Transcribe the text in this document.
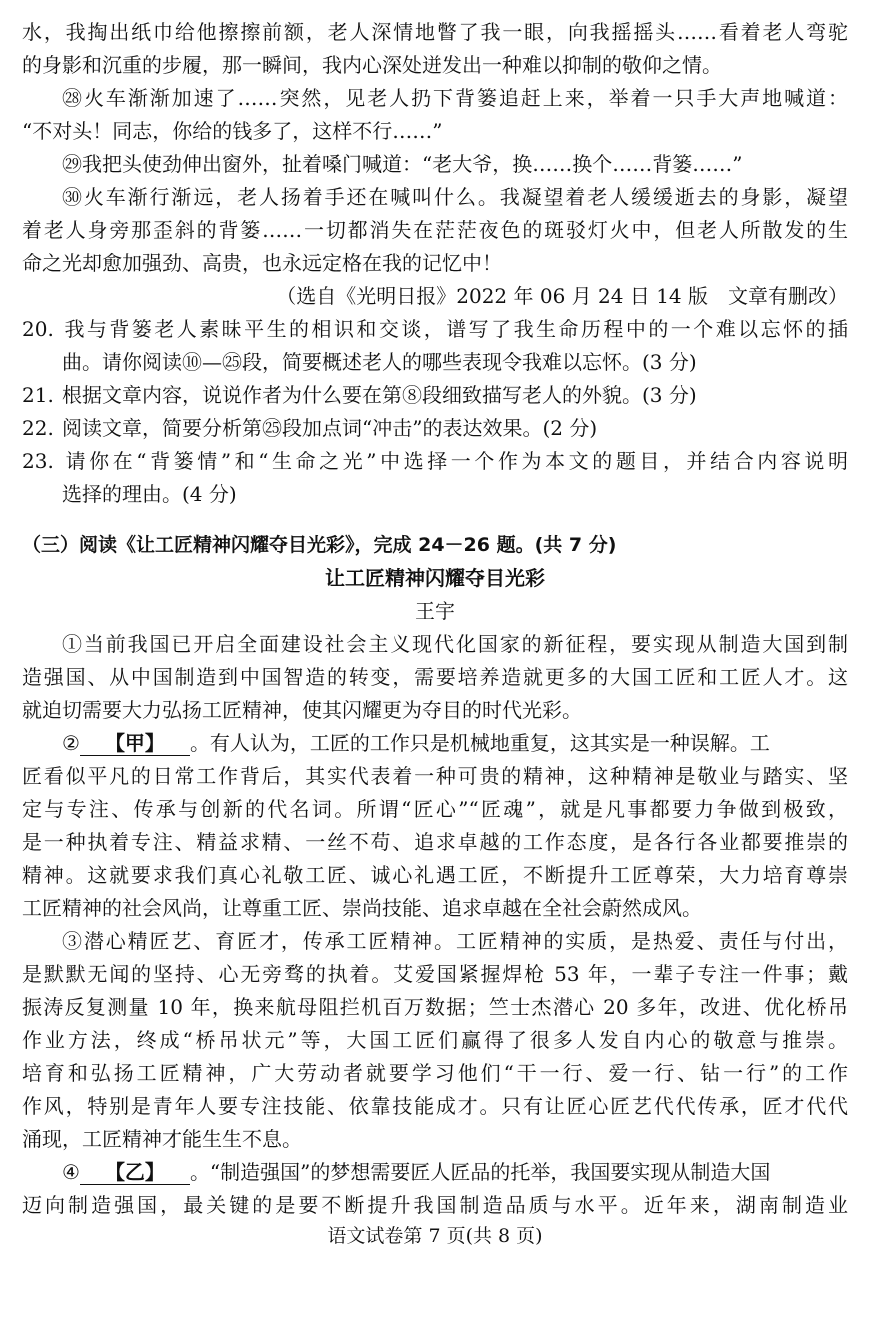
水，我掏出纸巾给他擦擦前额，老人深情地瞥了我一眼，向我摇摇头……看着老人弯驼
的身影和沉重的步履，那一瞬间，我内心深处迸发出一种难以抑制的敬仰之情。
㉘火车渐渐加速了……突然，见老人扔下背篓追赶上来，举着一只手大声地喊道：
“不对头！同志，你给的钱多了，这样不行……”
㉙我把头使劲伸出窗外，扯着嗓门喊道：“老大爷，换……换个……背篓……”
㉚火车渐行渐远，老人扬着手还在喊叫什么。我凝望着老人缓缓逝去的身影，凝望
着老人身旁那歪斜的背篓……一切都消失在茫茫夜色的斑驳灯火中，但老人所散发的生
命之光却愈加强劲、高贵，也永远定格在我的记忆中！
（选自《光明日报》2022 年 06 月 24 日 14 版　文章有删改）
20. 我与背篓老人素昧平生的相识和交谈，谱写了我生命历程中的一个难以忘怀的插
曲。请你阅读⑩—㉕段，简要概述老人的哪些表现令我难以忘怀。(3 分)
21. 根据文章内容，说说作者为什么要在第⑧段细致描写老人的外貌。(3 分)
22. 阅读文章，简要分析第㉕段加点词“冲击”的表达效果。(2 分)
23. 请你在“背篓情”和“生命之光”中选择一个作为本文的题目，并结合内容说明
选择的理由。(4 分)
（三）阅读《让工匠精神闪耀夺目光彩》，完成 24－26 题。(共 7 分)
让工匠精神闪耀夺目光彩
王宇
①当前我国已开启全面建设社会主义现代化国家的新征程，要实现从制造大国到制
造强国、从中国制造到中国智造的转变，需要培养造就更多的大国工匠和工匠人才。这
就迫切需要大力弘扬工匠精神，使其闪耀更为夺目的时代光彩。
② 【甲】 。有人认为，工匠的工作只是机械地重复，这其实是一种误解。工
匠看似平凡的日常工作背后，其实代表着一种可贵的精神，这种精神是敬业与踏实、坚
定与专注、传承与创新的代名词。所谓“匠心”“匠魂”，就是凡事都要力争做到极致，
是一种执着专注、精益求精、一丝不苟、追求卓越的工作态度，是各行各业都要推崇的
精神。这就要求我们真心礼敬工匠、诚心礼遇工匠，不断提升工匠尊荣，大力培育尊崇
工匠精神的社会风尚，让尊重工匠、崇尚技能、追求卓越在全社会蔚然成风。
③潜心精匠艺、育匠才，传承工匠精神。工匠精神的实质，是热爱、责任与付出，
是默默无闻的坚持、心无旁骛的执着。艾爱国紧握焊枪 53 年，一辈子专注一件事；戴
振涛反复测量 10 年，换来航母阻拦机百万数据；竺士杰潜心 20 多年，改进、优化桥吊
作业方法，终成“桥吊状元”等，大国工匠们赢得了很多人发自内心的敬意与推崇。
培育和弘扬工匠精神，广大劳动者就要学习他们“干一行、爱一行、钻一行”的工作
作风，特别是青年人要专注技能、依靠技能成才。只有让匠心匠艺代代传承，匠才代代
涌现，工匠精神才能生生不息。
语文试卷第 7 页(共 8 页)
④ 【乙】 。“制造强国”的梦想需要匠人匠品的托举，我国要实现从制造大国
迈向制造强国，最关键的是要不断提升我国制造品质与水平。近年来，湖南制造业
